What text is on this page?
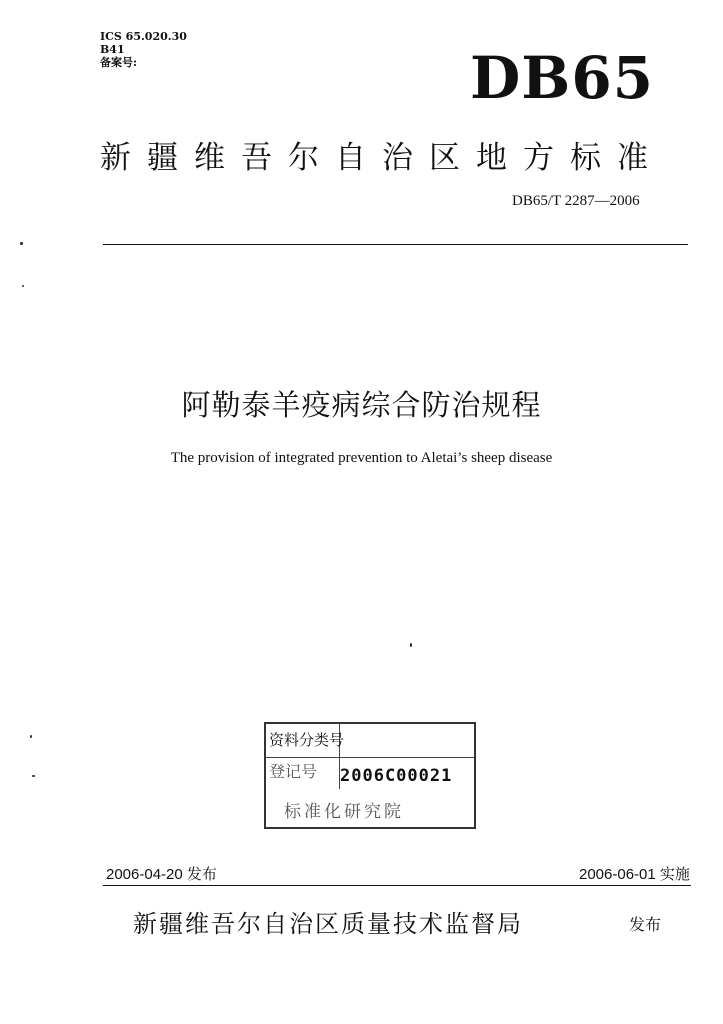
ICS 65.020.30
B41
备案号:	DB65
新疆维吾尔自治区地方标准
DB65/T 2287—2006
阿勒泰羊疫病综合防治规程
The provision of integrated prevention to Aletai’s sheep disease
资料分类号
登记号	2006C00021
标准化研究院
2006-04-20 发布	2006-06-01 实施
新疆维吾尔自治区质量技术监督局	发布
